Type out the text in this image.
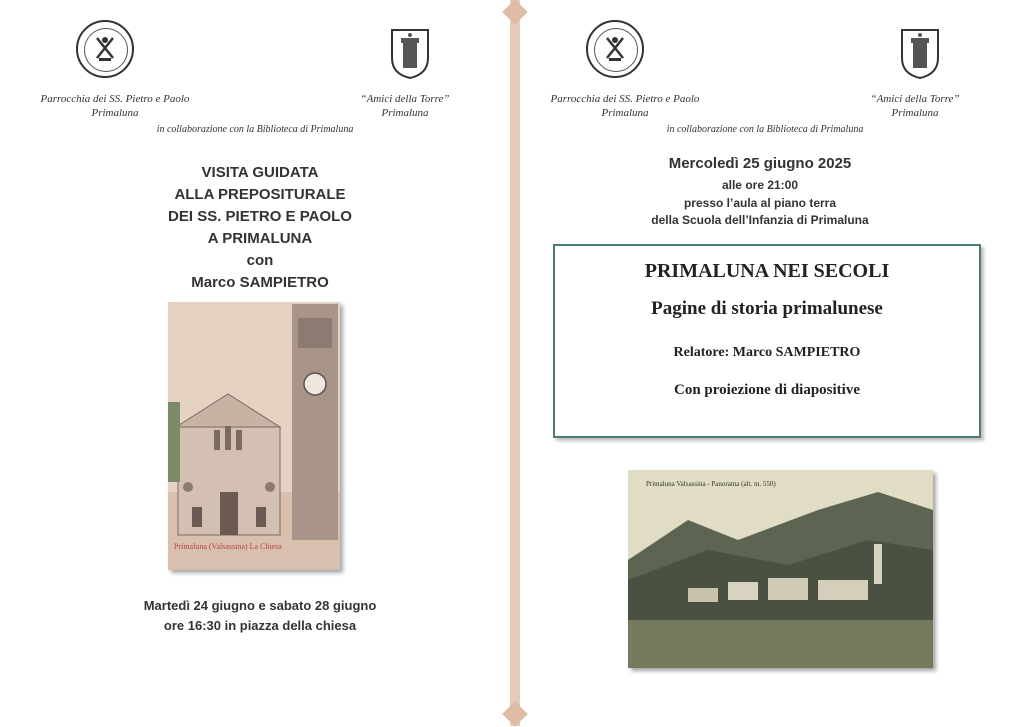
Parrocchia dei SS. Pietro e Paolo
Primaluna
“Amici della Torre”
Primaluna
in collaborazione con la Biblioteca di Primaluna
VISITA GUIDATA
ALLA PREPOSITURALE
DEI SS. PIETRO E PAOLO
A PRIMALUNA
con
Marco SAMPIETRO
Primaluna (Valsassina) La Chiesa
Martedì 24 giugno e sabato 28 giugno
ore 16:30 in piazza della chiesa
Parrocchia dei SS. Pietro e Paolo
Primaluna
“Amici della Torre”
Primaluna
in collaborazione con la Biblioteca di Primaluna
Mercoledì 25 giugno 2025
alle ore 21:00
presso l’aula al piano terra
della Scuola dell’Infanzia di Primaluna
PRIMALUNA NEI SECOLI
Pagine di storia primalunese
Relatore: Marco SAMPIETRO
Con proiezione di diapositive
Primaluna Valsassina - Panorama (alt. m. 550)
